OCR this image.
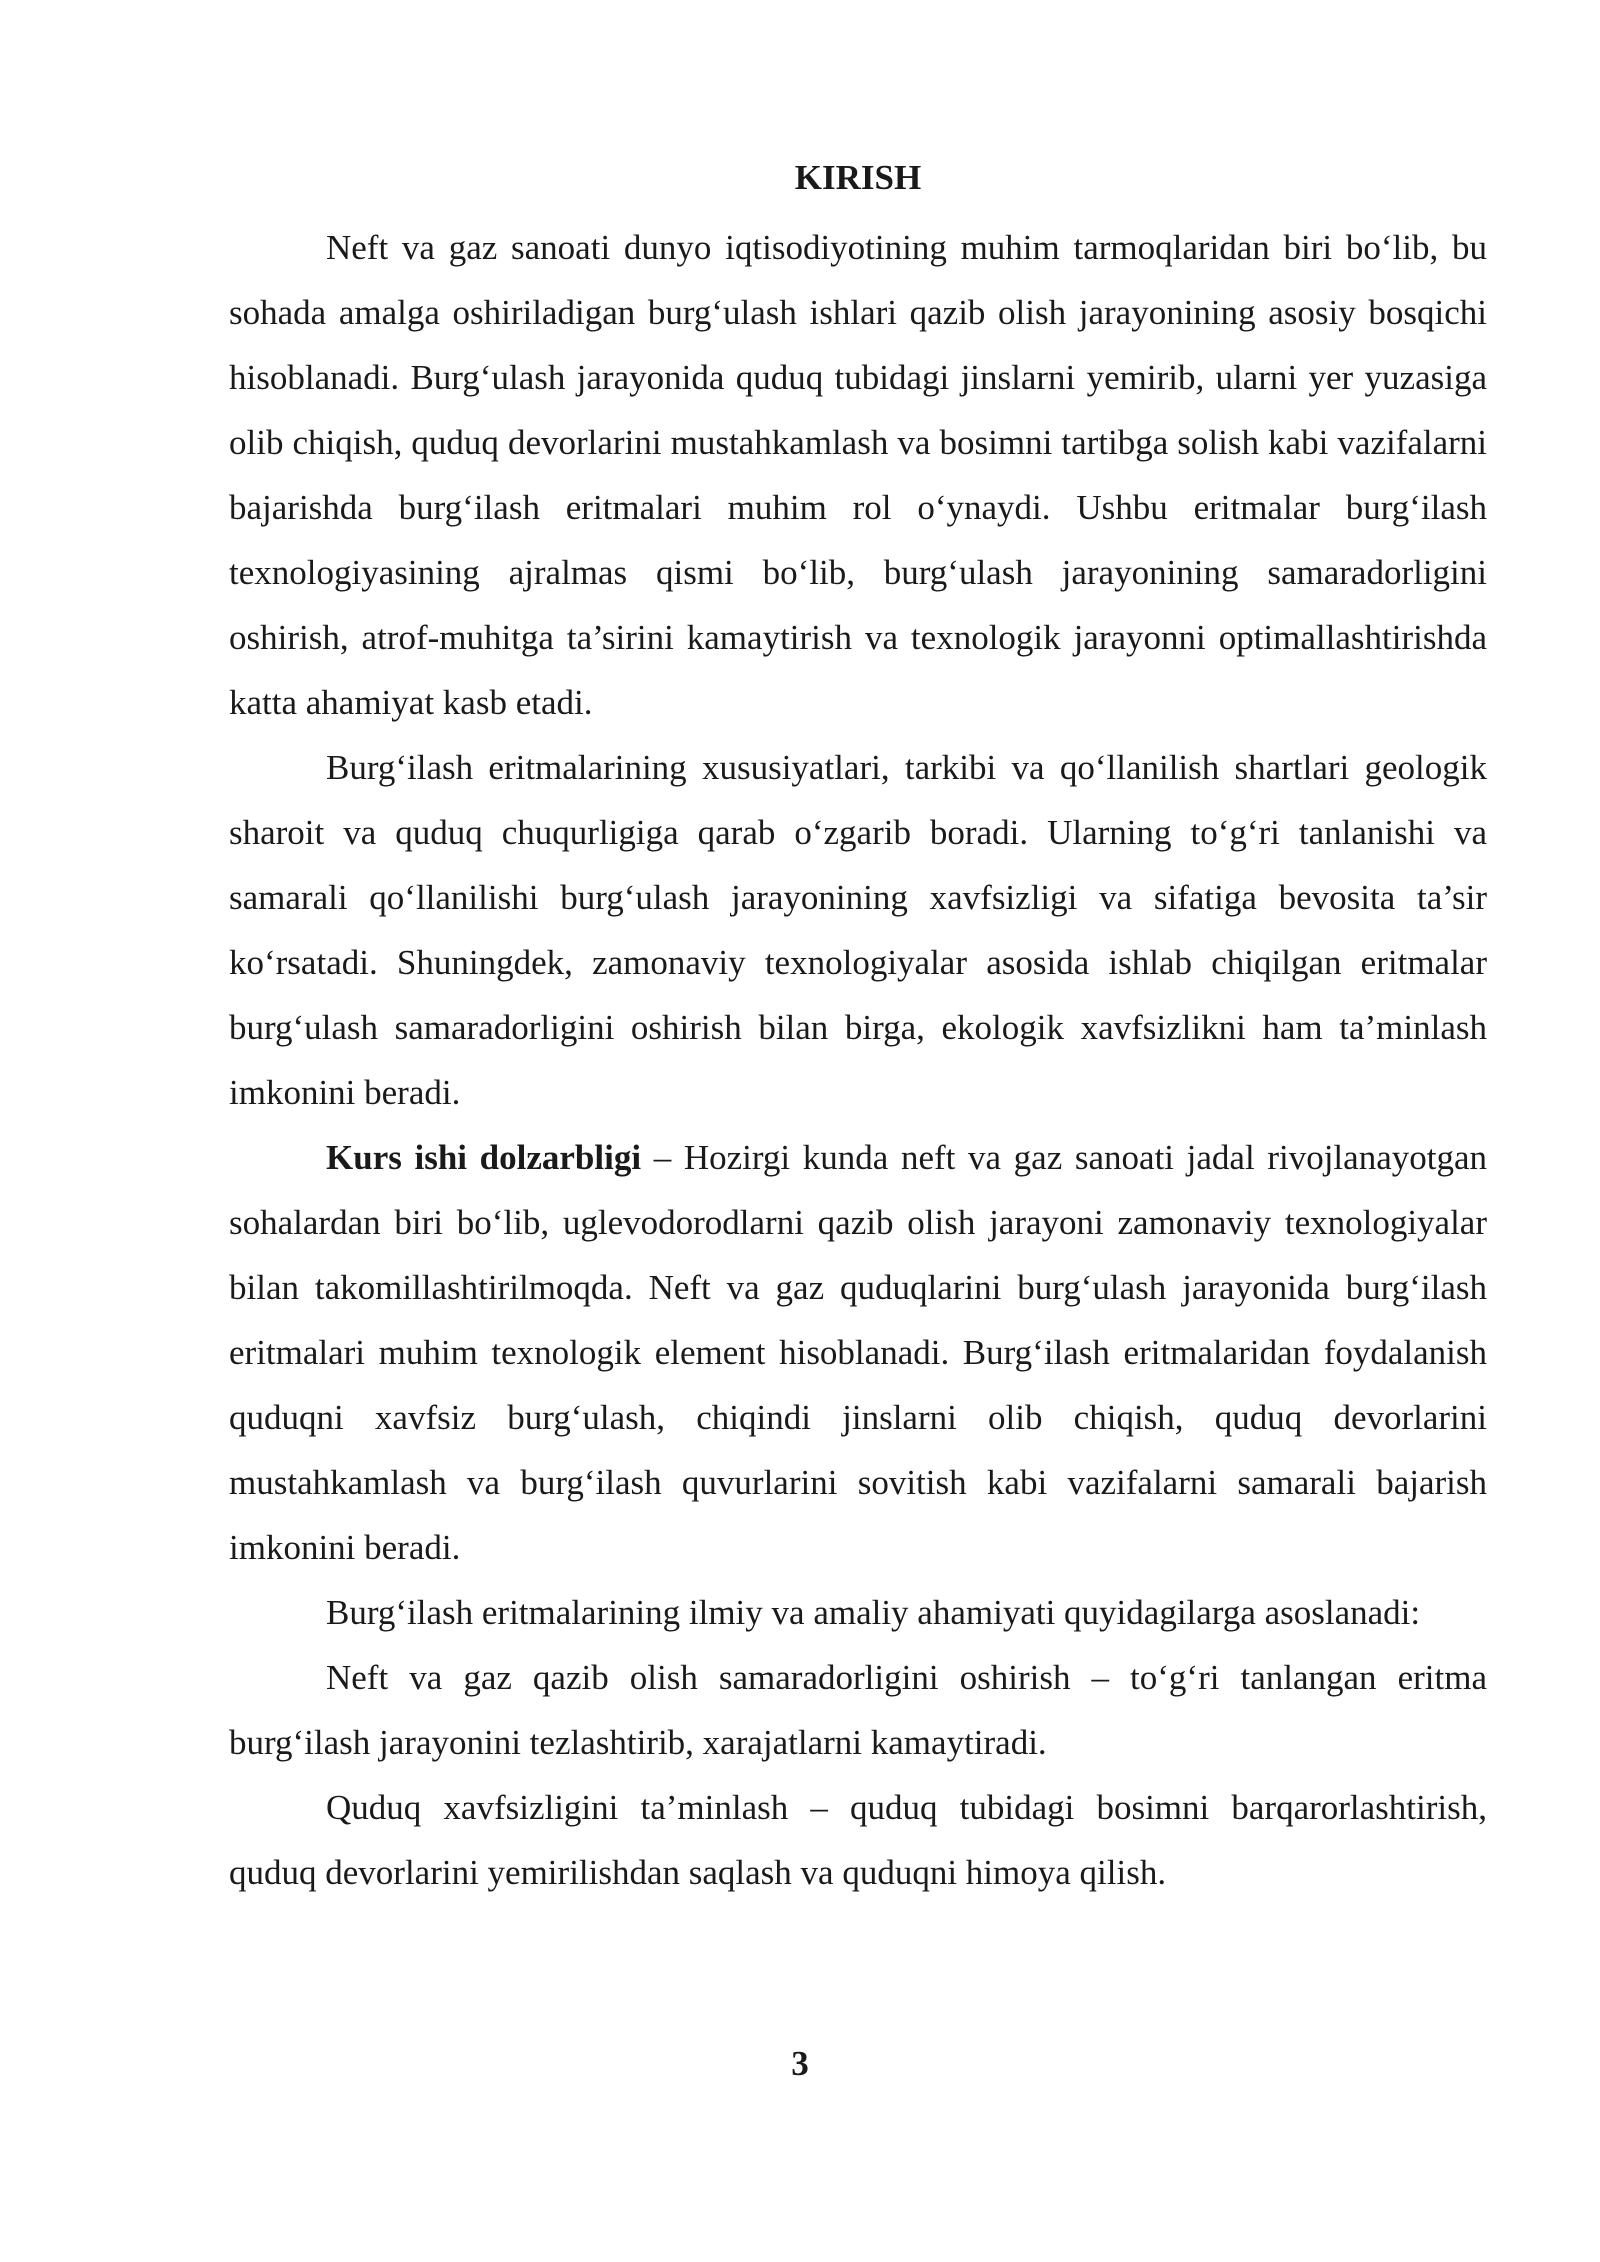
KIRISH

Neft va gaz sanoati dunyo iqtisodiyotining muhim tarmoqlaridan biri bo‘lib, bu sohada amalga oshiriladigan burg‘ulash ishlari qazib olish jarayonining asosiy bosqichi hisoblanadi. Burg‘ulash jarayonida quduq tubidagi jinslarni yemirib, ularni yer yuzasiga olib chiqish, quduq devorlarini mustahkamlash va bosimni tartibga solish kabi vazifalarni bajarishda burg‘ilash eritmalari muhim rol o‘ynaydi. Ushbu eritmalar burg‘ilash texnologiyasining ajralmas qismi bo‘lib, burg‘ulash jarayonining samaradorligini oshirish, atrof-muhitga ta’sirini kamaytirish va texnologik jarayonni optimallashtirishda katta ahamiyat kasb etadi.

Burg‘ilash eritmalarining xususiyatlari, tarkibi va qo‘llanilish shartlari geologik sharoit va quduq chuqurligiga qarab o‘zgarib boradi. Ularning to‘g‘ri tanlanishi va samarali qo‘llanilishi burg‘ulash jarayonining xavfsizligi va sifatiga bevosita ta’sir ko‘rsatadi. Shuningdek, zamonaviy texnologiyalar asosida ishlab chiqilgan eritmalar burg‘ulash samaradorligini oshirish bilan birga, ekologik xavfsizlikni ham ta’minlash imkonini beradi.

Kurs ishi dolzarbligi – Hozirgi kunda neft va gaz sanoati jadal rivojlanayotgan sohalardan biri bo‘lib, uglevodorodlarni qazib olish jarayoni zamonaviy texnologiyalar bilan takomillashtirilmoqda. Neft va gaz quduqlarini burg‘ulash jarayonida burg‘ilash eritmalari muhim texnologik element hisoblanadi. Burg‘ilash eritmalaridan foydalanish quduqni xavfsiz burg‘ulash, chiqindi jinslarni olib chiqish, quduq devorlarini mustahkamlash va burg‘ilash quvurlarini sovitish kabi vazifalarni samarali bajarish imkonini beradi.

Burg‘ilash eritmalarining ilmiy va amaliy ahamiyati quyidagilarga asoslanadi:

Neft va gaz qazib olish samaradorligini oshirish – to‘g‘ri tanlangan eritma burg‘ilash jarayonini tezlashtirib, xarajatlarni kamaytiradi.

Quduq xavfsizligini ta’minlash – quduq tubidagi bosimni barqarorlashtirish, quduq devorlarini yemirilishdan saqlash va quduqni himoya qilish.

3
